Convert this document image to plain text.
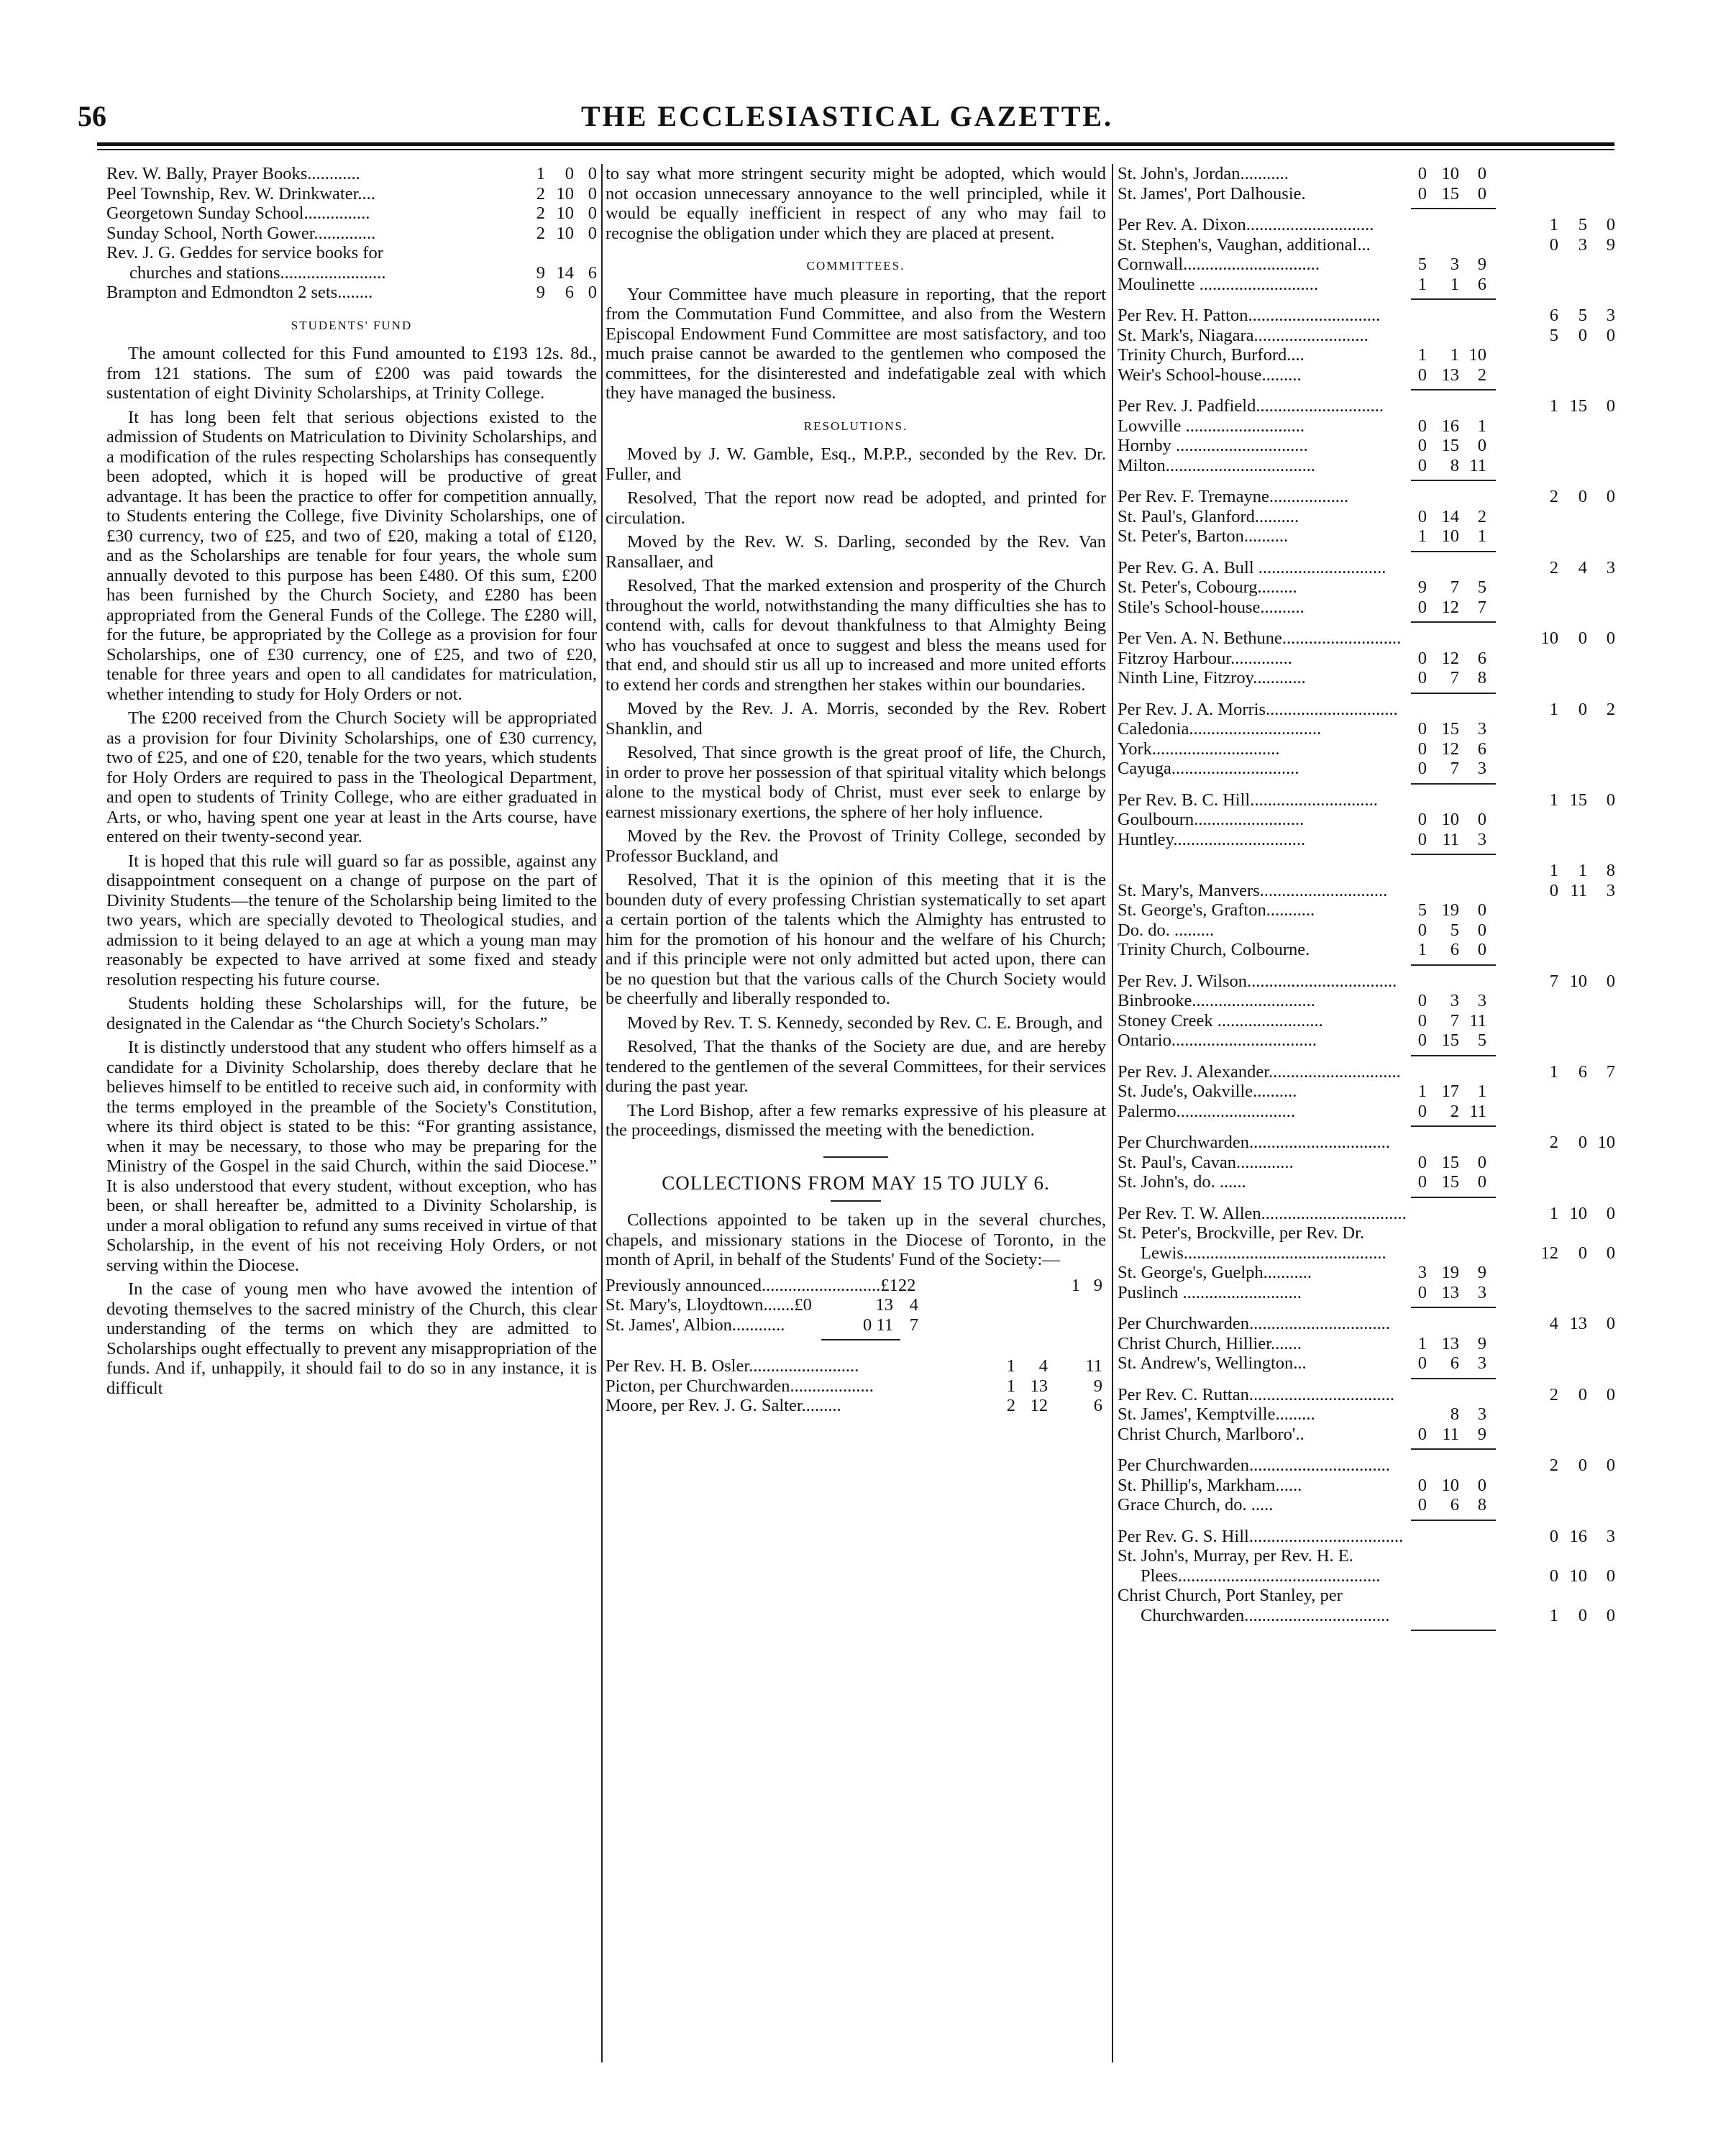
56	THE ECCLESIASTICAL GAZETTE.
Rev. W. Bally, Prayer Books............	1	0 0
Peel Township, Rev. W. Drinkwater....	2 10 0
Georgetown Sunday School...............	2 10 0
Sunday School, North Gower..............	2 10 0
Rev. J. G. Geddes for service books for
churches and stations........................	9 14 6
Brampton and Edmondton 2 sets........	9	6 0
STUDENTS' FUND

The amount collected for this Fund amounted to £193 12s. 8d., from 121 stations. The sum of £200 was paid towards the sustentation of eight Divinity Scholarships, at Trinity College.

It has long been felt that serious objections existed to the admission of Students on Matriculation to Divinity Scholarships, and a modification of the rules respecting Scholarships has consequently been adopted, which it is hoped will be productive of great advantage. It has been the practice to offer for competition annually, to Students entering the College, five Divinity Scholarships, one of £30 currency, two of £25, and two of £20, making a total of £120, and as the Scholarships are tenable for four years, the whole sum annually devoted to this purpose has been £480. Of this sum, £200 has been furnished by the Church Society, and £280 has been appropriated from the General Funds of the College. The £280 will, for the future, be appropriated by the College as a provision for four Scholarships, one of £30 currency, one of £25, and two of £20, tenable for three years and open to all candidates for matriculation, whether intending to study for Holy Orders or not.

The £200 received from the Church Society will be appropriated as a provision for four Divinity Scholarships, one of £30 currency, two of £25, and one of £20, tenable for the two years, which students for Holy Orders are required to pass in the Theological Department, and open to students of Trinity College, who are either graduated in Arts, or who, having spent one year at least in the Arts course, have entered on their twenty-second year.

It is hoped that this rule will guard so far as possible, against any disappointment consequent on a change of purpose on the part of Divinity Students—the tenure of the Scholarship being limited to the two years, which are specially devoted to Theological studies, and admission to it being delayed to an age at which a young man may reasonably be expected to have arrived at some fixed and steady resolution respecting his future course.

Students holding these Scholarships will, for the future, be designated in the Calendar as “the Church Society's Scholars.”

It is distinctly understood that any student who offers himself as a candidate for a Divinity Scholarship, does thereby declare that he believes himself to be entitled to receive such aid, in conformity with the terms employed in the preamble of the Society's Constitution, where its third object is stated to be this: “For granting assistance, when it may be necessary, to those who may be preparing for the Ministry of the Gospel in the said Church, within the said Diocese.” It is also understood that every student, without exception, who has been, or shall hereafter be, admitted to a Divinity Scholarship, is under a moral obligation to refund any sums received in virtue of that Scholarship, in the event of his not receiving Holy Orders, or not serving within the Diocese.

In the case of young men who have avowed the intention of devoting themselves to the sacred ministry of the Church, this clear understanding of the terms on which they are admitted to Scholarships ought effectually to prevent any misappropriation of the funds. And if, unhappily, it should fail to do so in any instance, it is difficult

to say what more stringent security might be adopted, which would not occasion unnecessary annoyance to the well principled, while it would be equally inefficient in respect of any who may fail to recognise the obligation under which they are placed at present.

COMMITTEES.

Your Committee have much pleasure in reporting, that the report from the Commutation Fund Committee, and also from the Western Episcopal Endowment Fund Committee are most satisfactory, and too much praise cannot be awarded to the gentlemen who composed the committees, for the disinterested and indefatigable zeal with which they have managed the business.

RESOLUTIONS.

Moved by J. W. Gamble, Esq., M.P.P., seconded by the Rev. Dr. Fuller, and

Resolved, That the report now read be adopted, and printed for circulation.

Moved by the Rev. W. S. Darling, seconded by the Rev. Van Ransallaer, and

Resolved, That the marked extension and prosperity of the Church throughout the world, notwithstanding the many difficulties she has to contend with, calls for devout thankfulness to that Almighty Being who has vouchsafed at once to suggest and bless the means used for that end, and should stir us all up to increased and more united efforts to extend her cords and strengthen her stakes within our boundaries.

Moved by the Rev. J. A. Morris, seconded by the Rev. Robert Shanklin, and

Resolved, That since growth is the great proof of life, the Church, in order to prove her possession of that spiritual vitality which belongs alone to the mystical body of Christ, must ever seek to enlarge by earnest missionary exertions, the sphere of her holy influence.

Moved by the Rev. the Provost of Trinity College, seconded by Professor Buckland, and

Resolved, That it is the opinion of this meeting that it is the bounden duty of every professing Christian systematically to set apart a certain portion of the talents which the Almighty has entrusted to him for the promotion of his honour and the welfare of his Church; and if this principle were not only admitted but acted upon, there can be no question but that the various calls of the Church Society would be cheerfully and liberally responded to.

Moved by Rev. T. S. Kennedy, seconded by Rev. C. E. Brough, and

Resolved, That the thanks of the Society are due, and are hereby tendered to the gentlemen of the several Committees, for their services during the past year.

The Lord Bishop, after a few remarks expressive of his pleasure at the proceedings, dismissed the meeting with the benediction.

COLLECTIONS FROM MAY 15 TO JULY 6.

Collections appointed to be taken up in the several churches, chapels, and missionary stations in the Diocese of Toronto, in the month of April, in behalf of the Students' Fund of the Society:—

Previously announced...........................£122	1 9
St. Mary's, Lloydtown.......£0	13 4
St. James', Albion............	0 11 7
Per Rev. H. B. Osler.........................	1	4	11
Picton, per Churchwarden...................	1 13	9
Moore, per Rev. J. G. Salter.........	2 12	6
St. John's, Jordan...........	0 10	0
St. James', Port Dalhousie.	0 15	0
Per Rev. A. Dixon.............................	1	5	0
St. Stephen's, Vaughan, additional...	0	3	9
Cornwall...............................	5	3	9
Moulinette ...........................	1	1	6
Per Rev. H. Patton..............................	6	5	3
St. Mark's, Niagara..........................	5	0	0
Trinity Church, Burford....	1	1 10
Weir's School-house.........	0 13	2
Per Rev. J. Padfield.............................	1 15	0
Lowville ...........................	0 16	1
Hornby ..............................	0 15	0
Milton..................................	0	8 11
Per Rev. F. Tremayne..................	2	0	0
St. Paul's, Glanford..........	0 14	2
St. Peter's, Barton..........	1 10	1
Per Rev. G. A. Bull .............................	2	4	3
St. Peter's, Cobourg.........	9	7	5
Stile's School-house..........	0 12	7
Per Ven. A. N. Bethune...........................	10	0	0
Fitzroy Harbour..............	0 12	6
Ninth Line, Fitzroy............	0	7	8
Per Rev. J. A. Morris..............................	1	0	2
Caledonia..............................	0 15	3
York.............................	0 12	6
Cayuga.............................	0	7	3
Per Rev. B. C. Hill.............................	1 15	0
Goulbourn.........................	0 10	0
Huntley..............................	0 11	3
1	1	8
St. Mary's, Manvers.............................	0 11	3
St. George's, Grafton...........	5 19	0
Do. do. .........	0	5	0
Trinity Church, Colbourne.	1	6	0
Per Rev. J. Wilson..................................	7 10	0
Binbrooke............................	0	3	3
Stoney Creek ........................	0	7 11
Ontario.................................	0 15	5
Per Rev. J. Alexander..............................	1	6	7
St. Jude's, Oakville..........	1 17	1
Palermo...........................	0	2 11
Per Churchwarden................................	2	0 10
St. Paul's, Cavan.............	0 15	0
St. John's, do. ......	0 15	0
Per Rev. T. W. Allen.................................	1 10	0
St. Peter's, Brockville, per Rev. Dr.
Lewis..............................................	12	0	0
St. George's, Guelph...........	3 19	9
Puslinch ...........................	0 13	3
Per Churchwarden................................	4 13	0
Christ Church, Hillier.......	1 13	9
St. Andrew's, Wellington...	0	6	3
Per Rev. C. Ruttan.................................	2	0	0
St. James', Kemptville.........	8	3
Christ Church, Marlboro'..	0 11	9
Per Churchwarden................................	2	0	0
St. Phillip's, Markham......	0 10	0
Grace Church, do. .....	0	6	8
Per Rev. G. S. Hill...................................	0 16	3
St. John's, Murray, per Rev. H. E.
Plees..............................................	0 10	0
Christ Church, Port Stanley, per
Churchwarden.................................	1	0	0
